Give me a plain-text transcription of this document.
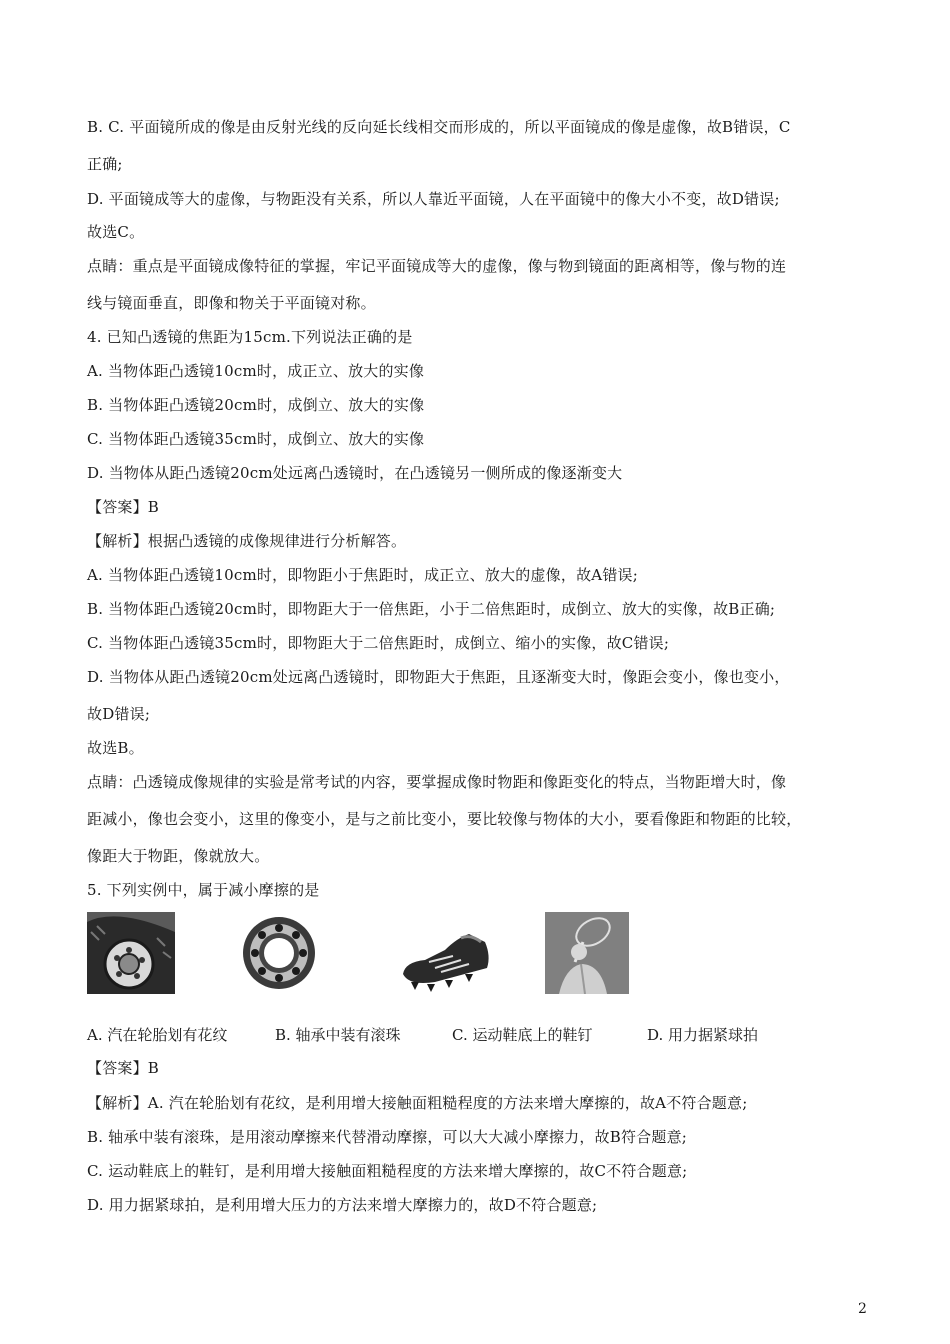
B. C. 平面镜所成的像是由反射光线的反向延长线相交而形成的，所以平面镜成的像是虚像，故B错误，C
正确;
D. 平面镜成等大的虚像，与物距没有关系，所以人靠近平面镜，人在平面镜中的像大小不变，故D错误;
故选C。
点睛：重点是平面镜成像特征的掌握，牢记平面镜成等大的虚像，像与物到镜面的距离相等，像与物的连
线与镜面垂直，即像和物关于平面镜对称。
4. 已知凸透镜的焦距为15cm.下列说法正确的是
A. 当物体距凸透镜10cm时，成正立、放大的实像
B. 当物体距凸透镜20cm时，成倒立、放大的实像
C. 当物体距凸透镜35cm时，成倒立、放大的实像
D. 当物体从距凸透镜20cm处远离凸透镜时，在凸透镜另一侧所成的像逐渐变大
【答案】B
【解析】根据凸透镜的成像规律进行分析解答。
A. 当物体距凸透镜10cm时，即物距小于焦距时，成正立、放大的虚像，故A错误;
B. 当物体距凸透镜20cm时，即物距大于一倍焦距，小于二倍焦距时，成倒立、放大的实像，故B正确;
C. 当物体距凸透镜35cm时，即物距大于二倍焦距时，成倒立、缩小的实像，故C错误;
D. 当物体从距凸透镜20cm处远离凸透镜时，即物距大于焦距，且逐渐变大时，像距会变小，像也变小，
故D错误;
故选B。
点睛：凸透镜成像规律的实验是常考试的内容，要掌握成像时物距和像距变化的特点，当物距增大时，像
距减小，像也会变小，这里的像变小，是与之前比变小，要比较像与物体的大小，要看像距和物距的比较，
像距大于物距，像就放大。
5. 下列实例中，属于减小摩擦的是
A. 汽在轮胎划有花纹	B. 轴承中装有滚珠	C. 运动鞋底上的鞋钉	D. 用力据紧球拍
【答案】B
【解析】A. 汽在轮胎划有花纹，是利用增大接触面粗糙程度的方法来增大摩擦的，故A不符合题意;
B. 轴承中装有滚珠，是用滚动摩擦来代替滑动摩擦，可以大大减小摩擦力，故B符合题意;
C. 运动鞋底上的鞋钉，是利用增大接触面粗糙程度的方法来增大摩擦的，故C不符合题意;
D. 用力据紧球拍，是利用增大压力的方法来增大摩擦力的，故D不符合题意;
2
